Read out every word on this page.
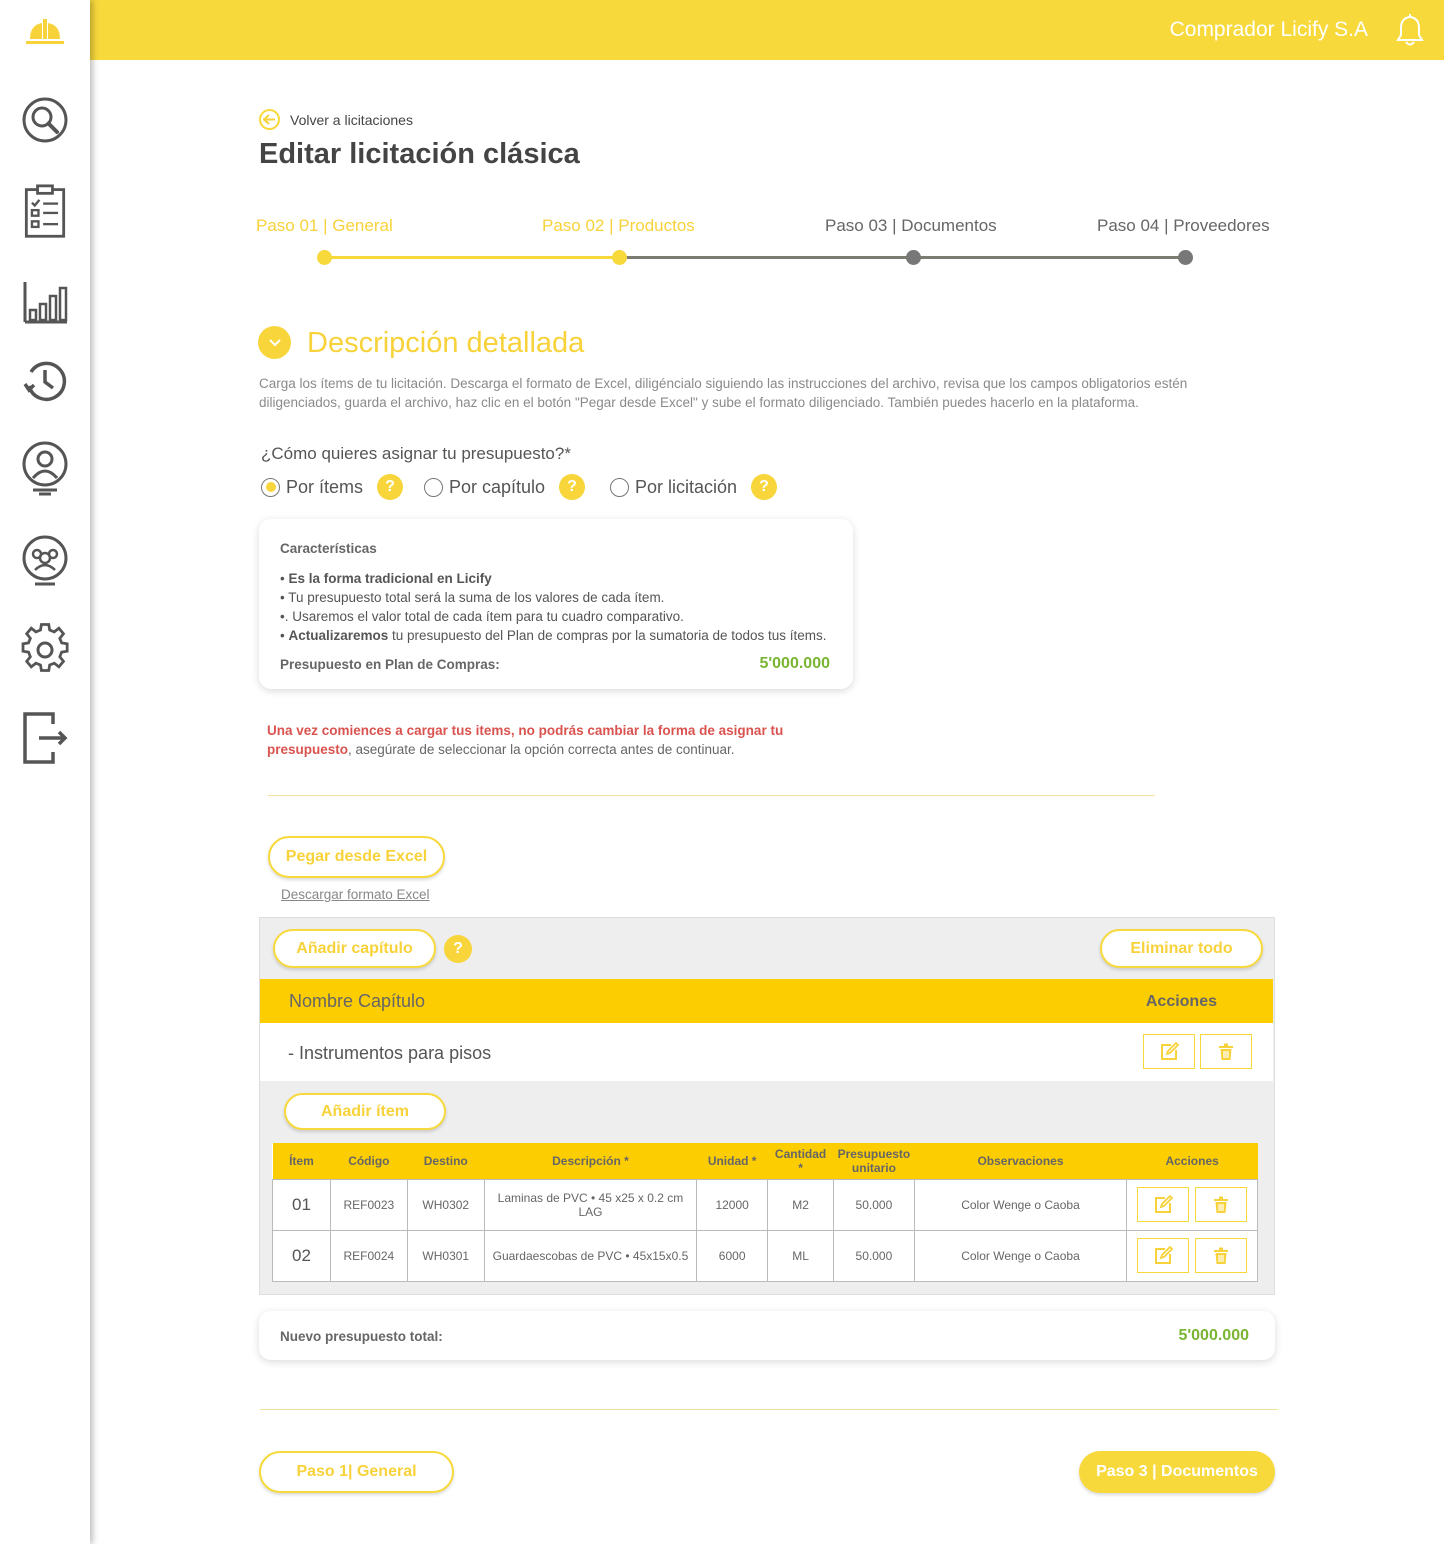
Comprador Licify S.A
Volver a licitaciones
Editar licitación clásica
Paso 01 | General	Paso 02 | Productos	Paso 03 | Documentos	Paso 04 | Proveedores
Descripción detallada
Carga los ítems de tu licitación. Descarga el formato de Excel, diligéncialo siguiendo las instrucciones del archivo, revisa que los campos obligatorios estén diligenciados, guarda el archivo, haz clic en el botón "Pegar desde Excel" y sube el formato diligenciado. También puedes hacerlo en la plataforma.
¿Cómo quieres asignar tu presupuesto?*
Por ítems	?	Por capítulo	?	Por licitación	?
Características
• Es la forma tradicional en Licify
• Tu presupuesto total será la suma de los valores de cada ítem.
•. Usaremos el valor total de cada ítem para tu cuadro comparativo.
• Actualizaremos tu presupuesto del Plan de compras por la sumatoria de todos tus ítems.
Presupuesto en Plan de Compras:	5'000.000
Una vez comiences a cargar tus items, no podrás cambiar la forma de asignar tu presupuesto, asegúrate de seleccionar la opción correcta antes de continuar.
Pegar desde Excel
Descargar formato Excel
Añadir capítulo	?	Eliminar todo
Nombre Capítulo	Acciones
- Instrumentos para pisos
Añadir ítem
Ítem	Código	Destino	Descripción *	Unidad *	Cantidad *	Presupuesto unitario	Observaciones	Acciones
01	REF0023	WH0302	Laminas de PVC • 45 x25 x 0.2 cm LAG	12000	M2	50.000	Color Wenge o Caoba	

02	REF0024	WH0301	Guardaescobas de PVC • 45x15x0.5	6000	ML	50.000	Color Wenge o Caoba	
Nuevo presupuesto total:	5'000.000
Paso 1| General	Paso 3 | Documentos
